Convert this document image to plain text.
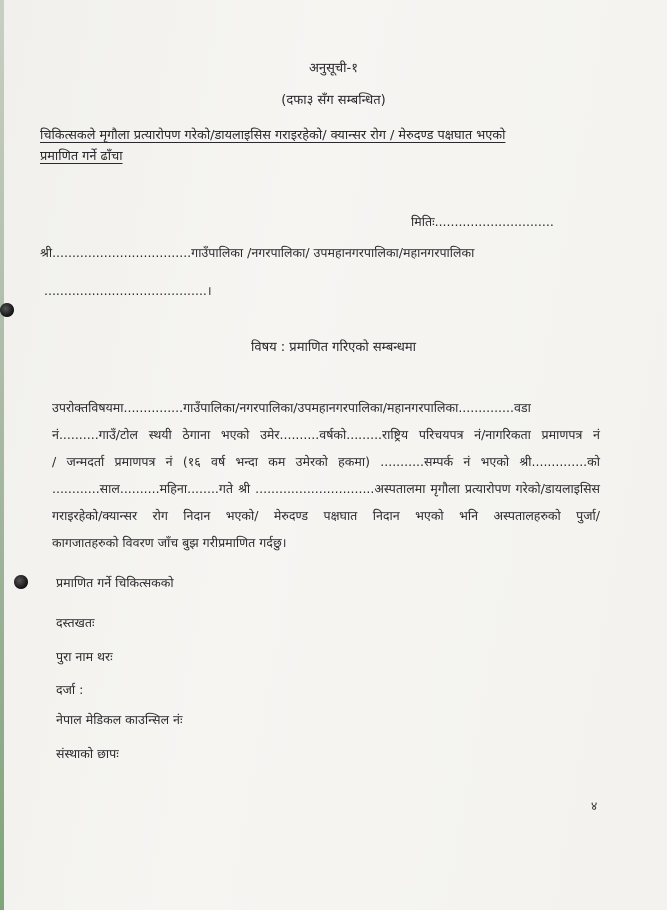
अनुसूची-१
(दफा३ सँग सम्बन्धित)
चिकित्सकले मृगौला प्रत्यारोपण गरेको/डायलाइसिस गराइरहेको/ क्यान्सर रोग / मेरुदण्ड पक्षघात भएको
प्रमाणित गर्ने ढाँचा
मितिः..............................
श्री...................................गाउँपालिका /नगरपालिका/ उपमहानगरपालिका/महानगरपालिका
.........................................।
विषय : प्रमाणित गरिएको सम्बन्धमा
उपरोक्तविषयमा...............गाउँपालिका/नगरपालिका/उपमहानगरपालिका/महानगरपालिका..............वडा
नं..........गाउँ/टोल स्थयी ठेगाना भएको उमेर..........वर्षको.........राष्ट्रिय परिचयपत्र नं/नागरिकता प्रमाणपत्र नं
/ जन्मदर्ता प्रमाणपत्र नं (१६ वर्ष भन्दा कम उमेरको हकमा) ...........सम्पर्क नं भएको श्री..............को
............साल..........महिना........गते श्री ..............................अस्पतालमा मृगौला प्रत्यारोपण गरेको/डायलाइसिस
गराइरहेको/क्यान्सर रोग निदान भएको/ मेरुदण्ड पक्षघात निदान भएको भनि अस्पतालहरुको पुर्जा/
कागजातहरुको विवरण जाँच बुझ गरीप्रमाणित गर्दछु।
प्रमाणित गर्ने चिकित्सकको
दस्तखतः
पुरा नाम थरः
दर्जा :
नेपाल मेडिकल काउन्सिल नंः
संस्थाको छापः
४
